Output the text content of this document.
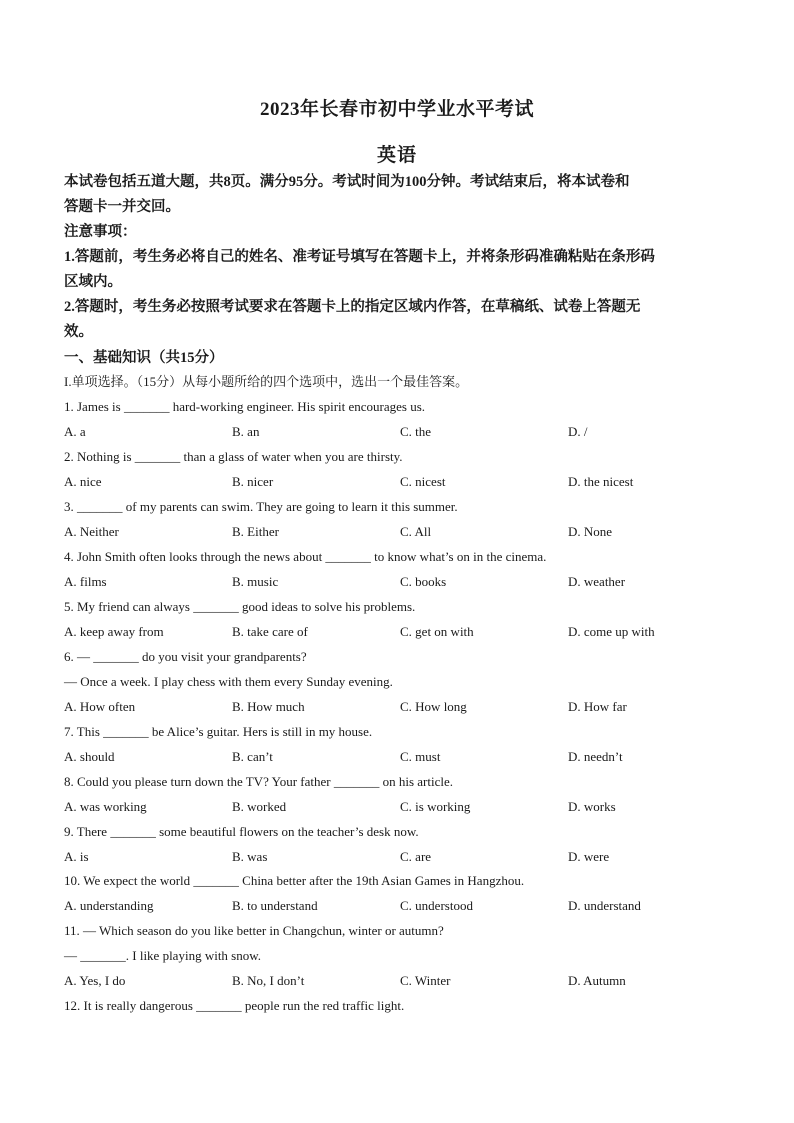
2023年长春市初中学业水平考试
英语
本试卷包括五道大题，共8页。满分95分。考试时间为100分钟。考试结束后，将本试卷和
答题卡一并交回。
注意事项：
1.答题前，考生务必将自己的姓名、准考证号填写在答题卡上，并将条形码准确粘贴在条形码
区域内。
2.答题时，考生务必按照考试要求在答题卡上的指定区域内作答，在草稿纸、试卷上答题无
效。
一、基础知识（共15分）
I.单项选择。（15分）从每小题所给的四个选项中，选出一个最佳答案。
1. James is _______ hard-working engineer. His spirit encourages us.
A. a	B. an	C. the	D. /
2. Nothing is _______ than a glass of water when you are thirsty.
A. nice	B. nicer	C. nicest	D. the nicest
3. _______ of my parents can swim. They are going to learn it this summer.
A. Neither	B. Either	C. All	D. None
4. John Smith often looks through the news about _______ to know what’s on in the cinema.
A. films	B. music	C. books	D. weather
5. My friend can always _______ good ideas to solve his problems.
A. keep away from	B. take care of	C. get on with	D. come up with
6. — _______ do you visit your grandparents?
— Once a week. I play chess with them every Sunday evening.
A. How often	B. How much	C. How long	D. How far
7. This _______ be Alice’s guitar. Hers is still in my house.
A. should	B. can’t	C. must	D. needn’t
8. Could you please turn down the TV? Your father _______ on his article.
A. was working	B. worked	C. is working	D. works
9. There _______ some beautiful flowers on the teacher’s desk now.
A. is	B. was	C. are	D. were
10. We expect the world _______ China better after the 19th Asian Games in Hangzhou.
A. understanding	B. to understand	C. understood	D. understand
11. — Which season do you like better in Changchun, winter or autumn?
— _______. I like playing with snow.
A. Yes, I do	B. No, I don’t	C. Winter	D. Autumn
12. It is really dangerous _______ people run the red traffic light.
